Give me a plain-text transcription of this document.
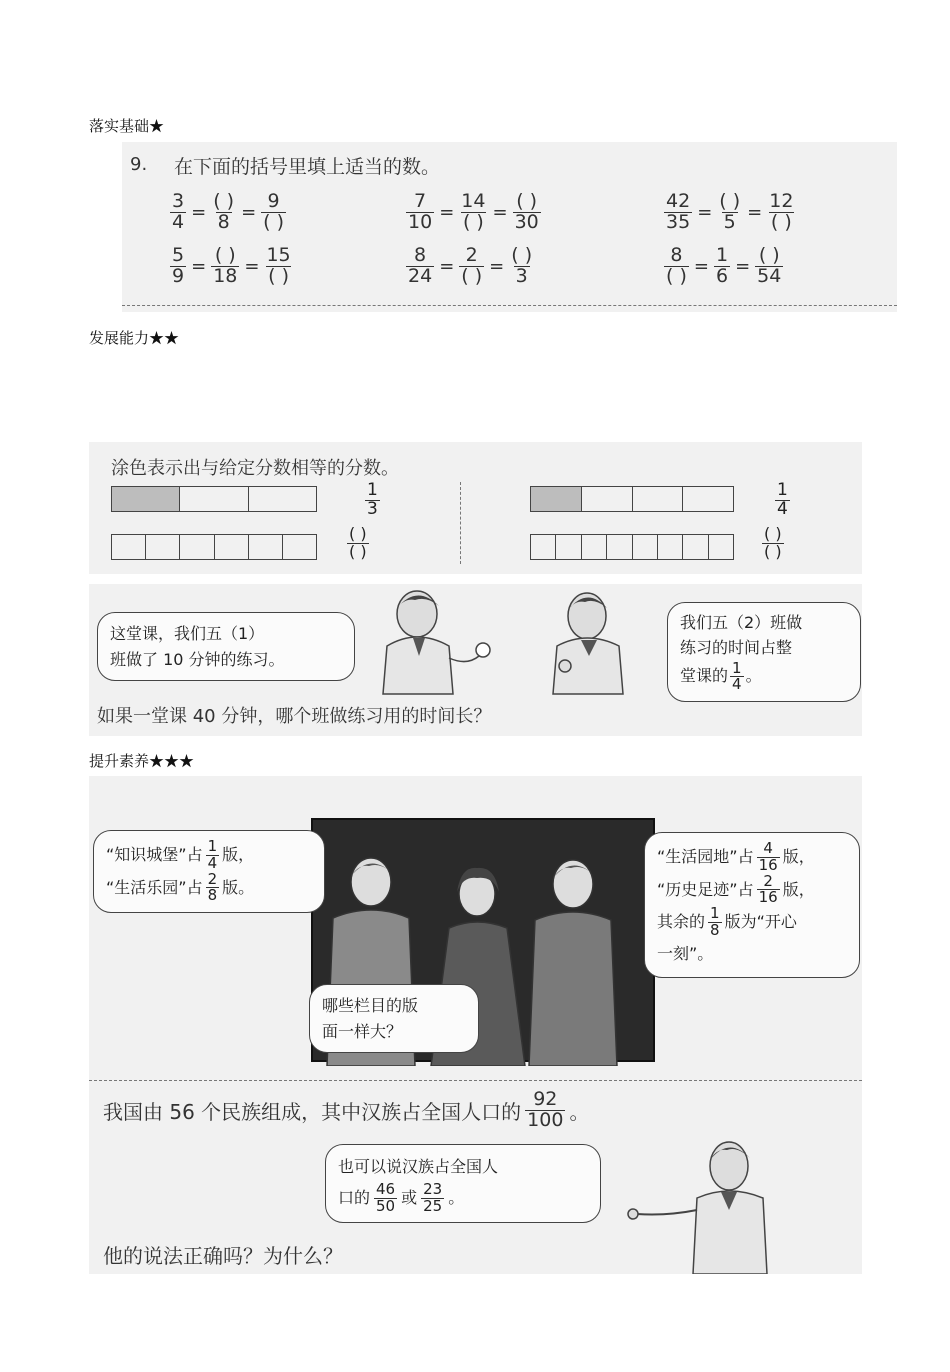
落实基础★
发展能力★★
提升素养★★★
9. 在下面的括号里填上适当的数。
$\frac{3}{4} = \frac{( )}{8} = \frac{9}{( )}$	$\frac{7}{10} = \frac{14}{( )} = \frac{( )}{30}$	$\frac{42}{35} = \frac{( )}{5} = \frac{12}{( )}$
$\frac{5}{9} = \frac{( )}{18} = \frac{15}{( )}$	$\frac{8}{24} = \frac{2}{( )} = \frac{( )}{3}$	$\frac{8}{( )} = \frac{1}{6} = \frac{( )}{54}$
涂色表示出与给定分数相等的分数。
$\frac{1}{3}$
( )
( )
$\frac{1}{4}$
( )
( )
这堂课，我们五（1）
班做了 10 分钟的练习。
我们五（2）班做
练习的时间占整
堂课的 $\frac{1}{4}$ 。
如果一堂课 40 分钟，哪个班做练习用的时间长？
“知识城堡”占 $\frac{1}{4}$ 版，
“生活乐园”占 $\frac{2}{8}$ 版。
哪些栏目的版
面一样大？
“生活园地”占 $\frac{4}{16}$ 版，
“历史足迹”占 $\frac{2}{16}$ 版，
其余的 $\frac{1}{8}$ 版为“开心
一刻”。
我国由 56 个民族组成，其中汉族占全国人口的 $\frac{92}{100}$ 。
也可以说汉族占全国人
口的 $\frac{46}{50}$ 或 $\frac{23}{25}$ 。
他的说法正确吗？为什么？
